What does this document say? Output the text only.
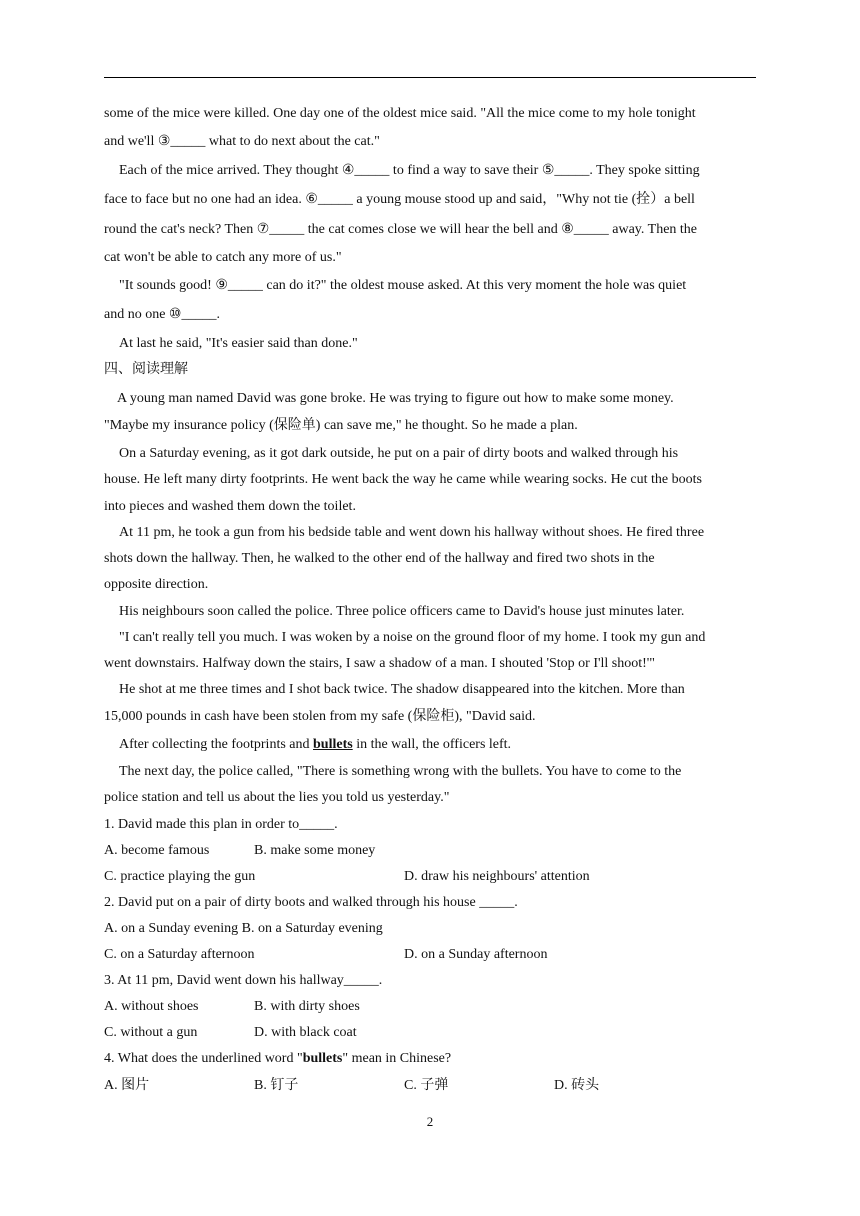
some of the mice were killed. One day one of the oldest mice said. "All the mice come to my hole tonight
and we'll ③_____ what to do next about the cat."
Each of the mice arrived. They thought ④_____ to find a way to save their ⑤_____. They spoke sitting
face to face but no one had an idea. ⑥_____ a young mouse stood up and said，"Why not tie (拴）a bell
round the cat's neck? Then ⑦_____ the cat comes close we will hear the bell and ⑧_____ away. Then the
cat won't be able to catch any more of us."
"It sounds good! ⑨_____ can do it?" the oldest mouse asked. At this very moment the hole was quiet
and no one ⑩_____.
At last he said, "It's easier said than done."
四、阅读理解
A young man named David was gone broke. He was trying to figure out how to make some money.
"Maybe my insurance policy (保险单) can save me," he thought. So he made a plan.
On a Saturday evening, as it got dark outside, he put on a pair of dirty boots and walked through his
house. He left many dirty footprints. He went back the way he came while wearing socks. He cut the boots
into pieces and washed them down the toilet.
At 11 pm, he took a gun from his bedside table and went down his hallway without shoes. He fired three
shots down the hallway. Then, he walked to the other end of the hallway and fired two shots in the
opposite direction.
His neighbours soon called the police. Three police officers came to David's house just minutes later.
"I can't really tell you much. I was woken by a noise on the ground floor of my home. I took my gun and
went downstairs. Halfway down the stairs, I saw a shadow of a man. I shouted 'Stop or I'll shoot!'"
He shot at me three times and I shot back twice. The shadow disappeared into the kitchen. More than
15,000 pounds in cash have been stolen from my safe (保险柜), "David said.
After collecting the footprints and bullets in the wall, the officers left.
The next day, the police called, "There is something wrong with the bullets. You have to come to the
police station and tell us about the lies you told us yesterday."
1. David made this plan in order to_____.
A. become famous	B. make some money
C. practice playing the gun	D. draw his neighbours' attention
2. David put on a pair of dirty boots and walked through his house _____.
A. on a Sunday evening B. on a Saturday evening
C. on a Saturday afternoon	D. on a Sunday afternoon
3. At 11 pm, David went down his hallway_____.
A. without shoes	B. with dirty shoes
C. without a gun	D. with black coat
4. What does the underlined word "bullets" mean in Chinese?
A. 图片	B. 钉子	C. 子弹	D. 砖头
2
